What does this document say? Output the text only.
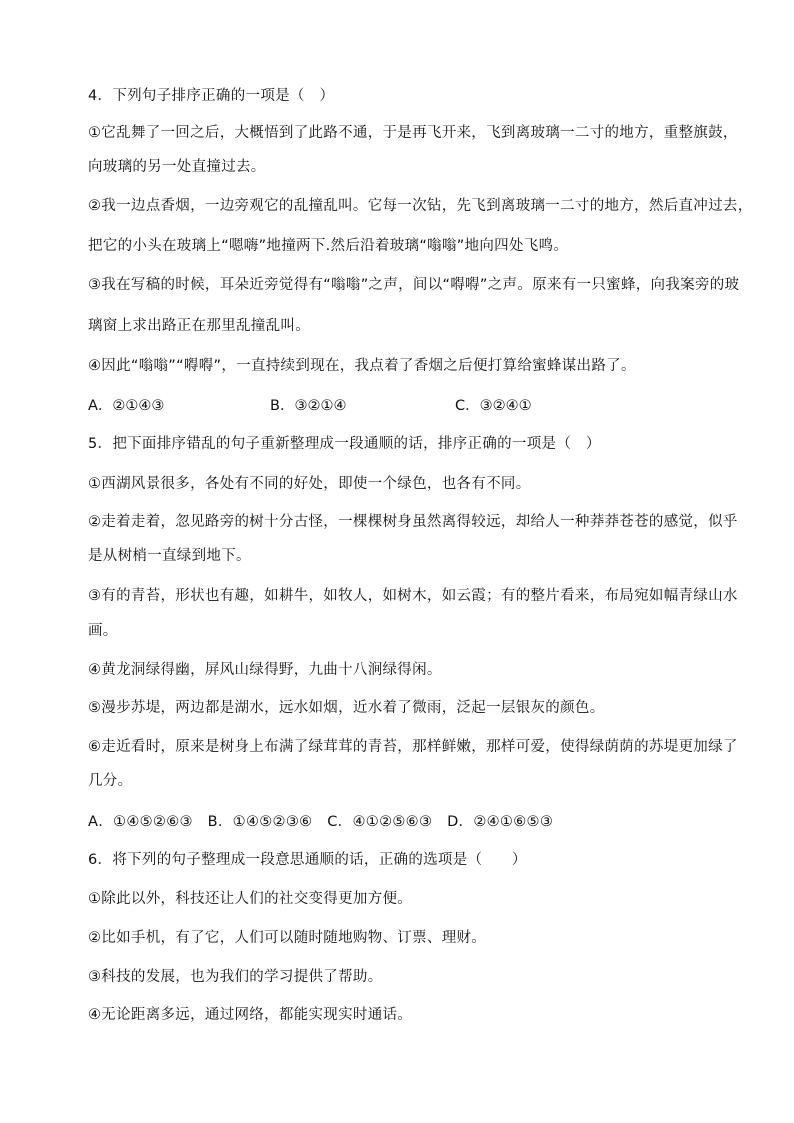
4．下列句子排序正确的一项是（　）
①它乱舞了一回之后，大概悟到了此路不通，于是再飞开来，飞到离玻璃一二寸的地方，重整旗鼓，
向玻璃的另一处直撞过去。
②我一边点香烟，一边旁观它的乱撞乱叫。它每一次钻，先飞到离玻璃一二寸的地方，然后直冲过去，
把它的小头在玻璃上“嗯嗨”地撞两下.然后沿着玻璃“嗡嗡”地向四处飞鸣。
③我在写稿的时候，耳朵近旁觉得有“嗡嗡”之声，间以“嘚嘚”之声。原来有一只蜜蜂，向我案旁的玻
璃窗上求出路正在那里乱撞乱叫。
④因此“嗡嗡”“嘚嘚”，一直持续到现在，我点着了香烟之后便打算给蜜蜂谋出路了。
A．②①④③	B．③②①④	C．③②④①
5．把下面排序错乱的句子重新整理成一段通顺的话，排序正确的一项是（　）
①西湖风景很多，各处有不同的好处，即使一个绿色，也各有不同。
②走着走着，忽见路旁的树十分古怪，一棵棵树身虽然离得较远，却给人一种莽莽苍苍的感觉，似乎
是从树梢一直绿到地下。
③有的青苔，形状也有趣，如耕牛，如牧人，如树木，如云霞；有的整片看来，布局宛如幅青绿山水
画。
④黄龙洞绿得幽，屏风山绿得野，九曲十八涧绿得闲。
⑤漫步苏堤，两边都是湖水，远水如烟，近水着了微雨，泛起一层银灰的颜色。
⑥走近看时，原来是树身上布满了绿茸茸的青苔，那样鲜嫩，那样可爱，使得绿荫荫的苏堤更加绿了
几分。
A．①④⑤②⑥③　B．①④⑤②③⑥　C．④①②⑤⑥③　D．②④①⑥⑤③
6．将下列的句子整理成一段意思通顺的话，正确的选项是（　　）
①除此以外，科技还让人们的社交变得更加方便。
②比如手机，有了它，人们可以随时随地购物、订票、理财。
③科技的发展，也为我们的学习提供了帮助。
④无论距离多远，通过网络，都能实现实时通话。
